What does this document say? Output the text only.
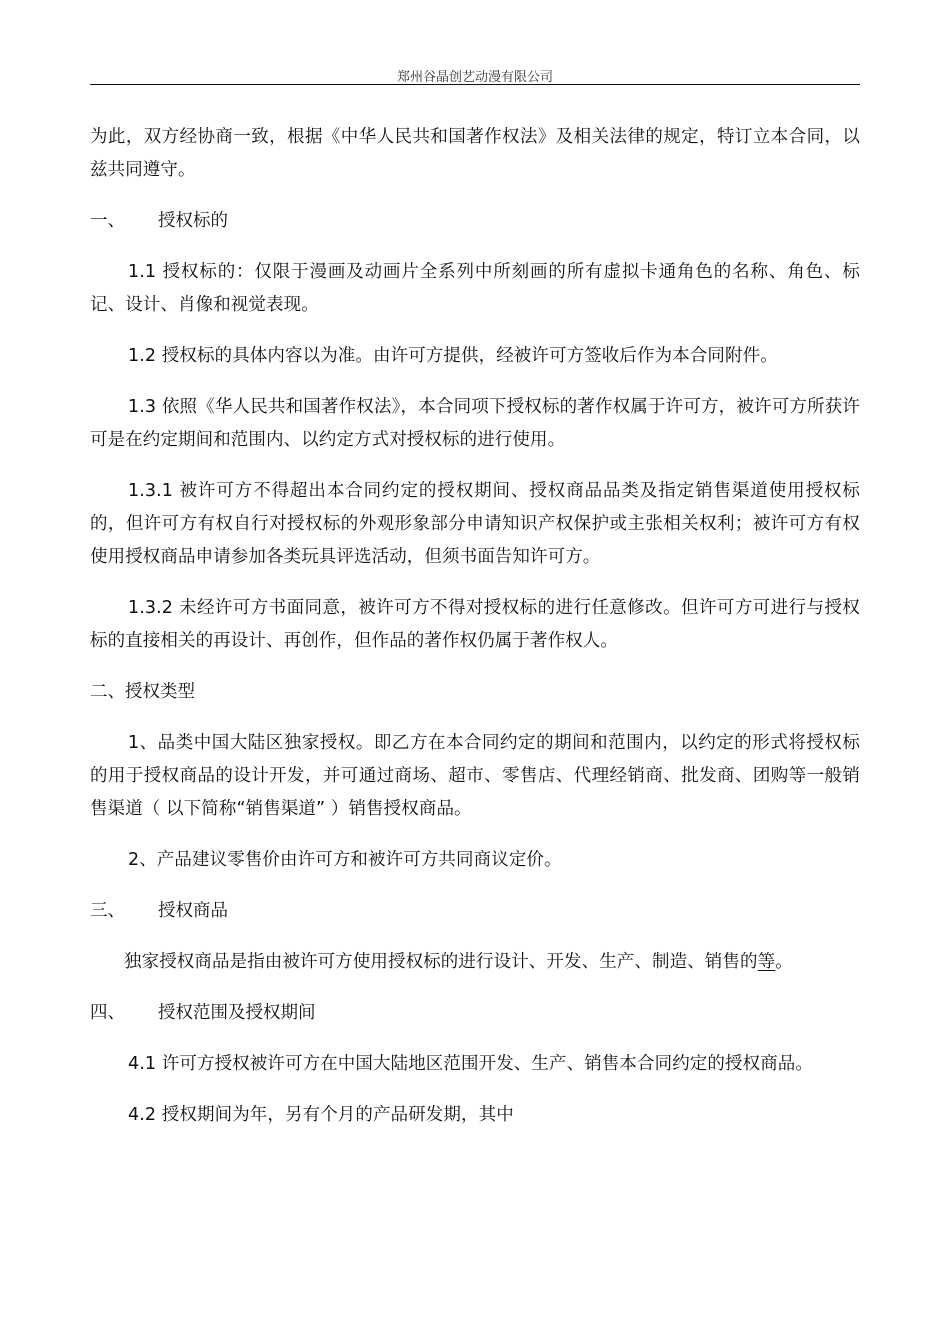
郑州谷晶创艺动漫有限公司

为此，双方经协商一致，根据《中华人民共和国著作权法》及相关法律的规定，特订立本合同，以兹共同遵守。

一、 授权标的

1.1 授权标的：仅限于漫画及动画片全系列中所刻画的所有虚拟卡通角色的名称、角色、标记、设计、肖像和视觉表现。

1.2 授权标的具体内容以为准。由许可方提供，经被许可方签收后作为本合同附件。

1.3 依照《华人民共和国著作权法》，本合同项下授权标的著作权属于许可方，被许可方所获许可是在约定期间和范围内、以约定方式对授权标的进行使用。

1.3.1 被许可方不得超出本合同约定的授权期间、授权商品品类及指定销售渠道使用授权标的，但许可方有权自行对授权标的外观形象部分申请知识产权保护或主张相关权利；被许可方有权使用授权商品申请参加各类玩具评选活动，但须书面告知许可方。

1.3.2 未经许可方书面同意，被许可方不得对授权标的进行任意修改。但许可方可进行与授权标的直接相关的再设计、再创作，但作品的著作权仍属于著作权人。

二、授权类型

1、品类中国大陆区独家授权。即乙方在本合同约定的期间和范围内，以约定的形式将授权标的用于授权商品的设计开发，并可通过商场、超市、零售店、代理经销商、批发商、团购等一般销售渠道（ 以下简称“销售渠道” ）销售授权商品。

2、产品建议零售价由许可方和被许可方共同商议定价。

三、 授权商品

独家授权商品是指由被许可方使用授权标的进行设计、开发、生产、制造、销售的等。

四、 授权范围及授权期间

4.1 许可方授权被许可方在中国大陆地区范围开发、生产、销售本合同约定的授权商品。

4.2 授权期间为年，另有个月的产品研发期，其中
